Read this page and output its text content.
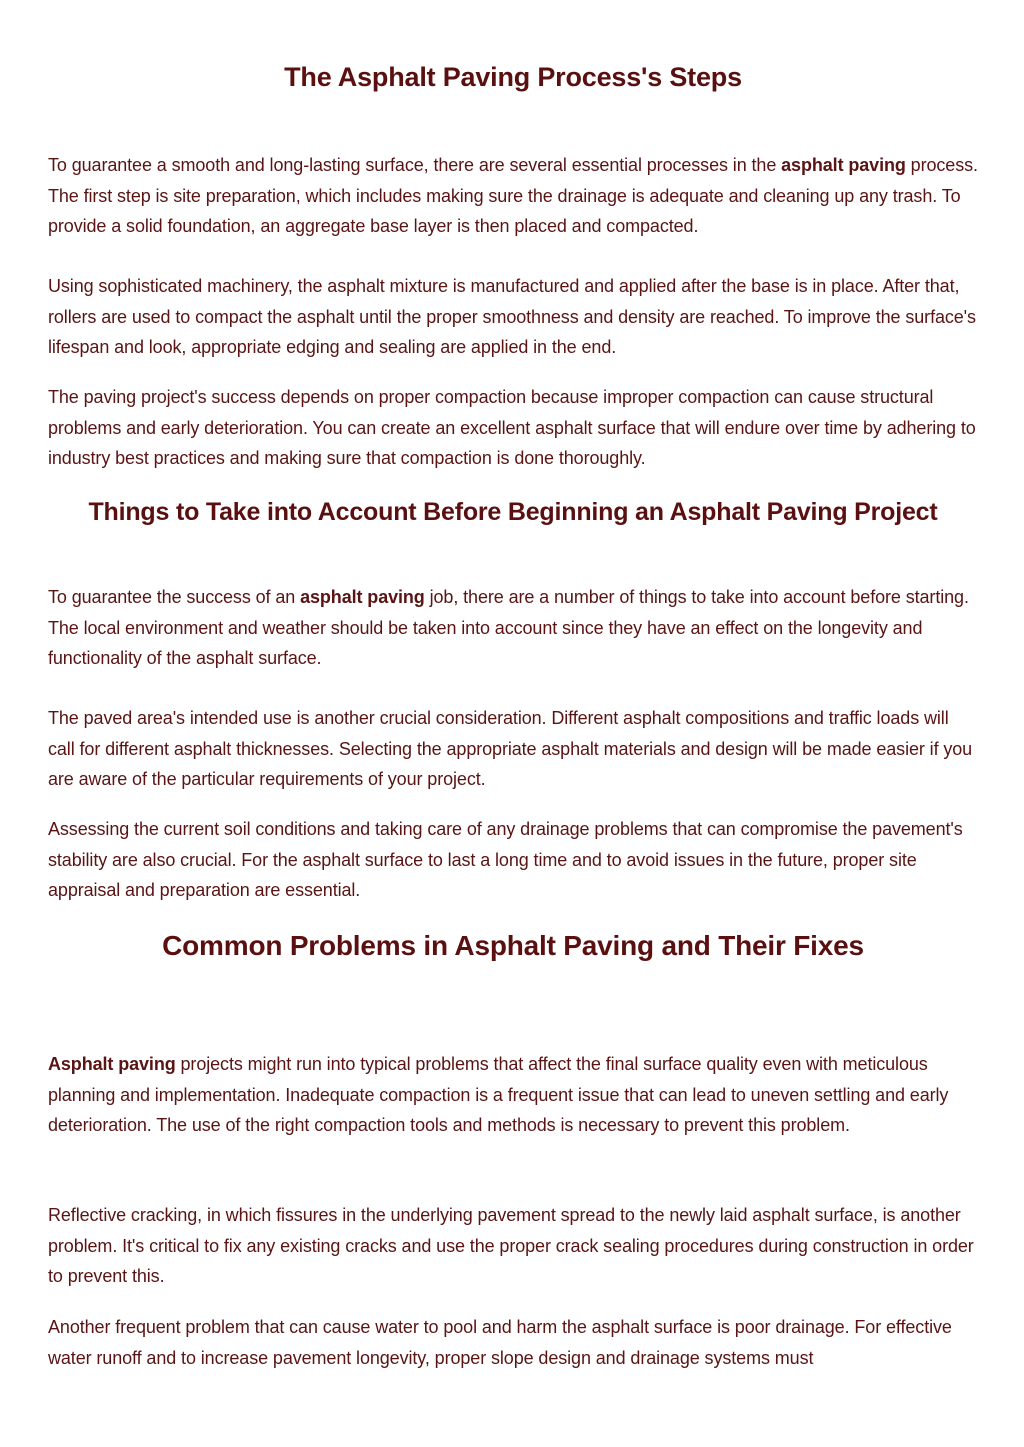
The Asphalt Paving Process's Steps

To guarantee a smooth and long-lasting surface, there are several essential processes in the asphalt paving process. The first step is site preparation, which includes making sure the drainage is adequate and cleaning up any trash. To provide a solid foundation, an aggregate base layer is then placed and compacted.

Using sophisticated machinery, the asphalt mixture is manufactured and applied after the base is in place. After that, rollers are used to compact the asphalt until the proper smoothness and density are reached. To improve the surface's lifespan and look, appropriate edging and sealing are applied in the end.

The paving project's success depends on proper compaction because improper compaction can cause structural problems and early deterioration. You can create an excellent asphalt surface that will endure over time by adhering to industry best practices and making sure that compaction is done thoroughly.

Things to Take into Account Before Beginning an Asphalt Paving Project

To guarantee the success of an asphalt paving job, there are a number of things to take into account before starting. The local environment and weather should be taken into account since they have an effect on the longevity and functionality of the asphalt surface.

The paved area's intended use is another crucial consideration. Different asphalt compositions and traffic loads will call for different asphalt thicknesses. Selecting the appropriate asphalt materials and design will be made easier if you are aware of the particular requirements of your project.

Assessing the current soil conditions and taking care of any drainage problems that can compromise the pavement's stability are also crucial. For the asphalt surface to last a long time and to avoid issues in the future, proper site appraisal and preparation are essential.

Common Problems in Asphalt Paving and Their Fixes

Asphalt paving projects might run into typical problems that affect the final surface quality even with meticulous planning and implementation. Inadequate compaction is a frequent issue that can lead to uneven settling and early deterioration. The use of the right compaction tools and methods is necessary to prevent this problem.

Reflective cracking, in which fissures in the underlying pavement spread to the newly laid asphalt surface, is another problem. It's critical to fix any existing cracks and use the proper crack sealing procedures during construction in order to prevent this.

Another frequent problem that can cause water to pool and harm the asphalt surface is poor drainage. For effective water runoff and to increase pavement longevity, proper slope design and drainage systems must
